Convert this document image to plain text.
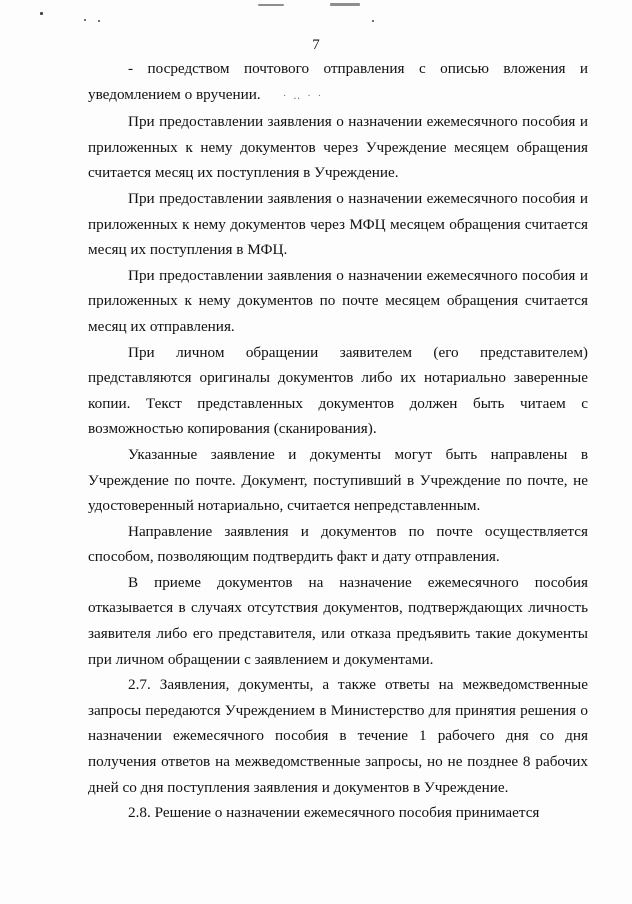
7

- посредством почтового отправления с описью вложения и уведомлением о вручении. · ‥ · ·

При предоставлении заявления о назначении ежемесячного пособия и приложенных к нему документов через Учреждение месяцем обращения считается месяц их поступления в Учреждение.

При предоставлении заявления о назначении ежемесячного пособия и приложенных к нему документов через МФЦ месяцем обращения считается месяц их поступления в МФЦ.

При предоставлении заявления о назначении ежемесячного пособия и приложенных к нему документов по почте месяцем обращения считается месяц их отправления.

При личном обращении заявителем (его представителем) представляются оригиналы документов либо их нотариально заверенные копии. Текст представленных документов должен быть читаем с возможностью копирования (сканирования).

Указанные заявление и документы могут быть направлены в Учреждение по почте. Документ, поступивший в Учреждение по почте, не удостоверенный нотариально, считается непредставленным.

Направление заявления и документов по почте осуществляется способом, позволяющим подтвердить факт и дату отправления.

В приеме документов на назначение ежемесячного пособия отказывается в случаях отсутствия документов, подтверждающих личность заявителя либо его представителя, или отказа предъявить такие документы при личном обращении с заявлением и документами.

2.7. Заявления, документы, а также ответы на межведомственные запросы передаются Учреждением в Министерство для принятия решения о назначении ежемесячного пособия в течение 1 рабочего дня со дня получения ответов на межведомственные запросы, но не позднее 8 рабочих дней со дня поступления заявления и документов в Учреждение.

2.8. Решение о назначении ежемесячного пособия принимается
